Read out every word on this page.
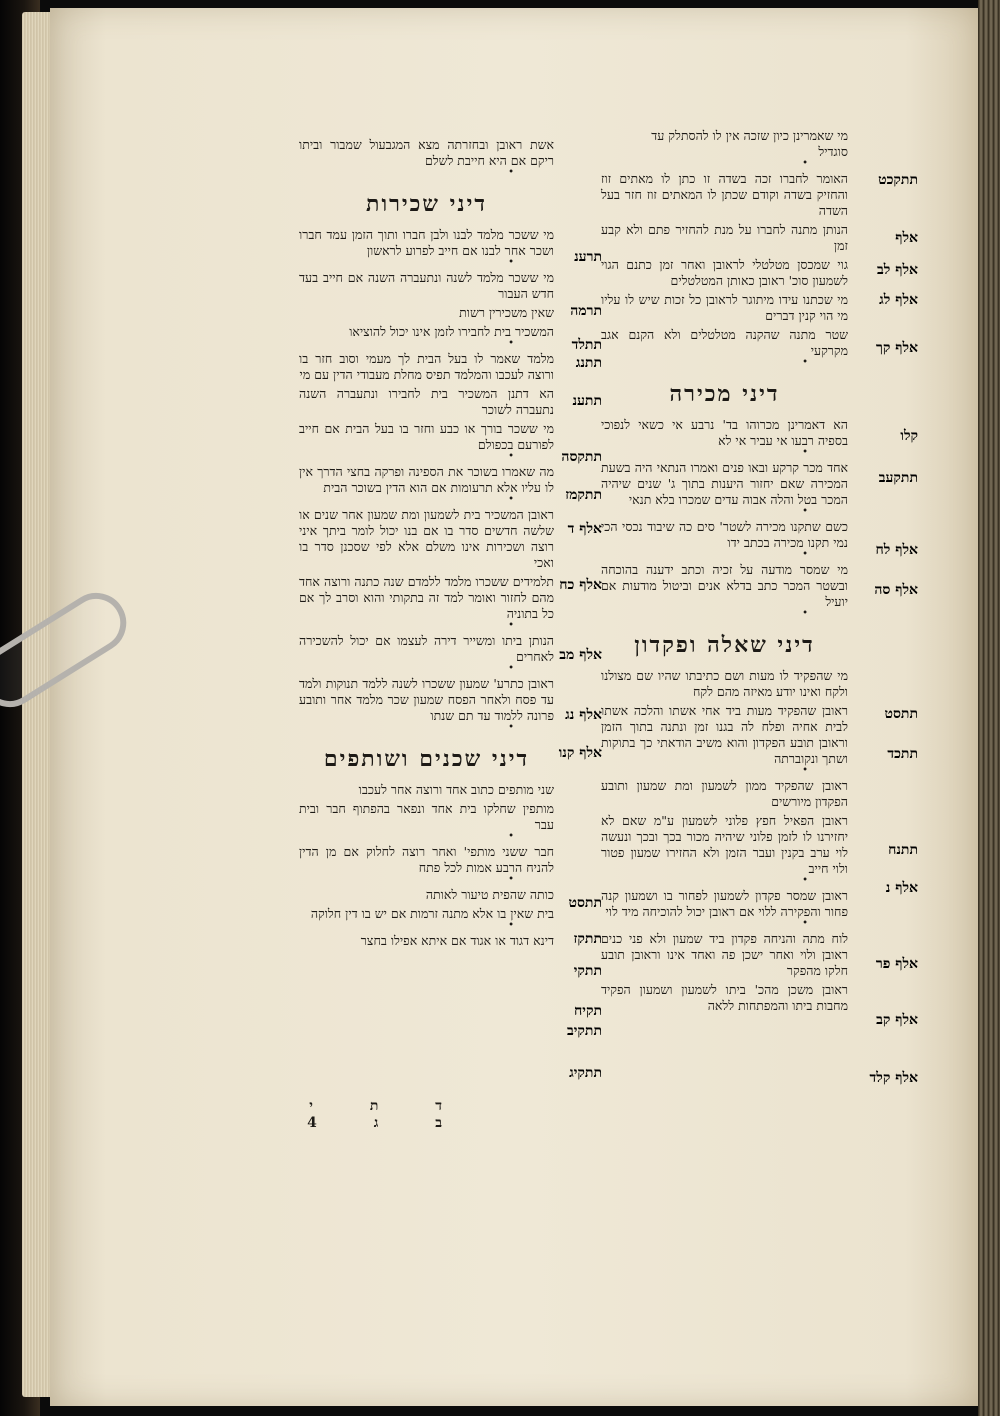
תתקכט
אלף
אלף לב
אלף לג
אלף קך
קלו
תתקעב
אלף לח
אלף סה
תתסט
תתכד
תתנח
אלף נ
אלף פר
אלף קב
אלף קלד
מי שאמרינן כיון שזכה אין לו להסתלק עד
סוגדיל
•
האומר לחברו זכה בשדה זו כתן לו מאתים זוז והחזיק בשדה וקודם שכתן לו המאתים זוז חזר בעל השדה
הנותן מתנה לחברו על מנת להחזיר פתם ולא קבע זמן
גוי שמכסן מטלטלי לראובן ואחר זמן כתנם הגוי לשמעון סוכ' ראובן כאותן המטלטלים
מי שכתנו עידו מיתוגר לראובן כל זכות שיש לו עליו מי הוי קנין דברים
שטר מתנה שהקנה מטלטלים ולא הקנם אגב מקרקעי
•
דיני מכירה
הא דאמרינן מכרוהו בד' נרבע אי כשאי לנפוכי בספיה רבעו אי עביר אי לא
•
אחד מכר קרקע ובאו פנים ואמרו הנתאי היה בשעת המכירה שאם יחזור היענות בתוך ג' שנים שיהיה המכר בטל והלה אבוה עדים שמכרו בלא תנאי
•
כשם שתקנו מכירה לשטר' סים כה שיבוד נכסי הכי נמי תקנו מכירה בכתב ידו
•
מי שמסר מודעה על זכיה וכתב ידענה בהוכחה ובשטר המכר כתב בדלא אנים וביטול מודעות אם יועיל
•
דיני שאלה ופקדון
מי שהפקיד לו מעות ושם כתיבתו שהיו שם מצולנו ולקח ואינו יודע מאיזה מהם לקח
ראובן שהפקיד מעות ביד אחי אשתו והלכה אשתו לבית אחיה ופלח לה בגנו זמן ונתנה בתוך הזמן וראובן תובע הפקדון והוא משיב הודאתי כך בתוקות ושתך ונקוברתה
•
ראובן שהפקיד ממון לשמעון ומת שמעון ותובע הפקדון מיורשים
ראובן הפאיל חפץ פלוני לשמעון ע"מ שאם לא יחזירנו לו לזמן פלוני שיהיה מכור בכך ובכך ונעשה לוי ערב בקנין ועבר הזמן ולא החזירו שמעון פטור ולוי חייב
•
ראובן שמסר פקדון לשמעון לפחור בו ושמעון קנה פחור והפקירה ללוי אם ראובן יכול להוכיחה מיד לוי
•
לוח מתה והניחה פקדון ביד שמעון ולא פני כנים ראובן ולוי ואחר ישכן פה ואחד אינו וראובן תובע חלקו מהפקר
ראובן משכן מהכ' ביתו לשמעון ושמעון הפקיד מחבות ביתו והמפתחות ללאה
תרענ
תרמה
תתלד
תתנג
תתענ
תתקסה
תתקמז
אלף ד
אלף כח
אלף מב
אלף נג
אלף קנו
תתסט
תתקז
תתקי
תקיח
תתקיב
תתקיג
אשת ראובן ובחזרתה מצא המגבעול שמבור וביתו ריקם אם היא חייבת לשלם
•
דיני שכירות
מי ששכר מלמד לבנו ולבן חברו ותוך הזמן עמד חברו ושכר אחר לבנו אם חייב לפרוע לראשון
•
מי ששכר מלמד לשנה ונתעברה השנה אם חייב בעד חדש העבור
שאין משכירין רשות
המשכיר בית לחבירו לזמן אינו יכול להוציאו
•
מלמד שאמר לו בעל הבית לך מעמי וסוב חזר בו ורוצה לעכבו והמלמד תפיס מחלת מעבודי הדין עם מי
הא דתנן המשכיר בית לחבירו ונתעברה השנה נתעברה לשוכר
מי ששכר בורך או כבע וחזר בו בעל הבית אם חייב לפורעם בכפולם
•
מה שאמרו בשוכר את הספינה ופרקה בחצי הדרך אין לו עליו אלא תרעומות אם הוא הדין בשוכר הבית
•
ראובן המשכיר בית לשמעון ומת שמעון אחר שנים או שלשה חדשים סדר בו אם בנו יכול לומר ביתך איני רוצה ושכירות אינו משלם אלא לפי שסכנן סדר בו ואכי
תלמידים ששכרו מלמד ללמדם שנה כתנה ורוצה אחד מהם לחזור ואומר למד זה בתקותי והוא וסרב לך אם כל בתוניה
•
הנותן ביתו ומשייר דירה לעצמו אם יכול להשכירה לאחרים
•
ראובן כתרע' שמעון ששכרו לשנה ללמד תנוקות ולמד עד פסח ולאחר הפסח שמעון שכר מלמד אחר ותובע פרונה ללמוד עד תם שנתו
•
דיני שכנים ושותפים
שני מותפים כתוב אחד ורוצה אחר לעכבו
מותפין שחלקו בית אחד ונפאר בהפתוף חבר ובית עבר
•
חבר ששני מותפי' ואחר רוצה לחלוק אם מן הדין להניח הרבע אמות לכל פתח
•
כותה שהפית טיעור לאותה
בית שאין בו אלא מתנה זרמות אם יש בו דין חלוקה
•
דינא דגוד או אגוד אם איתא אפילו בחצר
ד ת י ב ג 4
